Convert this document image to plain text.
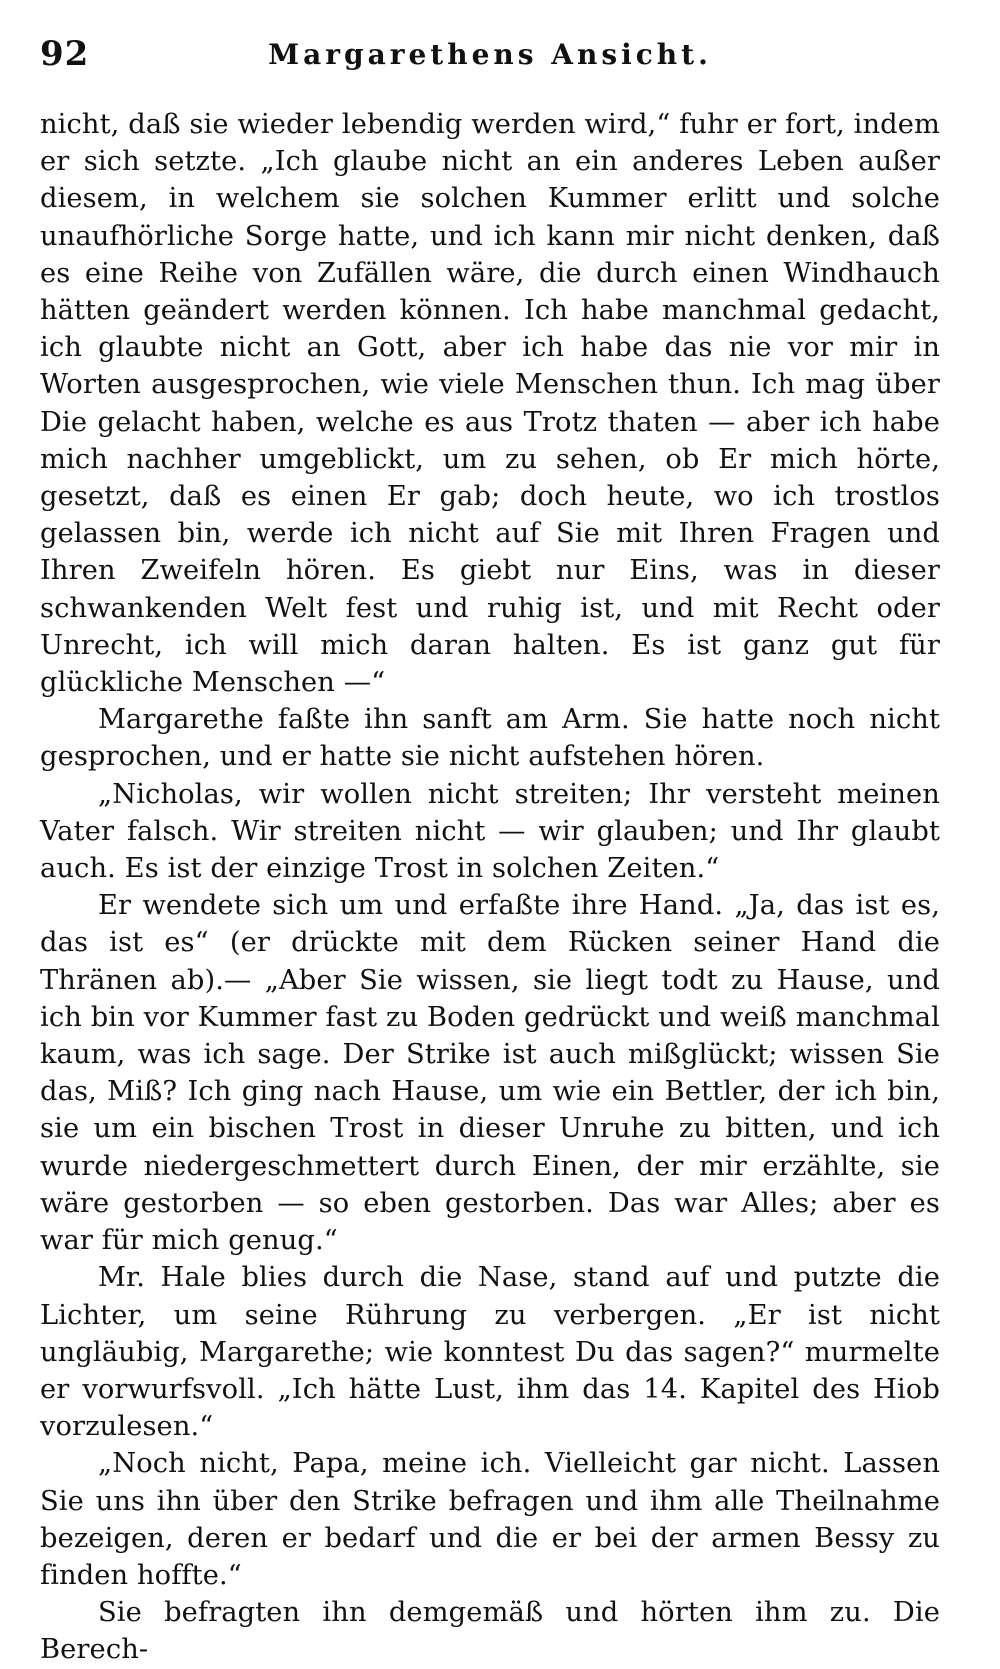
92	Margarethens Ansicht.

nicht, daß sie wieder lebendig werden wird,“ fuhr er fort, indem er sich setzte. „Ich glaube nicht an ein anderes Leben außer diesem, in welchem sie solchen Kummer erlitt und solche unaufhörliche Sorge hatte, und ich kann mir nicht denken, daß es eine Reihe von Zufällen wäre, die durch einen Windhauch hätten geändert werden können. Ich habe manchmal gedacht, ich glaubte nicht an Gott, aber ich habe das nie vor mir in Worten ausgesprochen, wie viele Menschen thun. Ich mag über Die gelacht haben, welche es aus Trotz thaten — aber ich habe mich nachher umgeblickt, um zu sehen, ob Er mich hörte, gesetzt, daß es einen Er gab; doch heute, wo ich trostlos gelassen bin, werde ich nicht auf Sie mit Ihren Fragen und Ihren Zweifeln hören. Es giebt nur Eins, was in dieser schwankenden Welt fest und ruhig ist, und mit Recht oder Unrecht, ich will mich daran halten. Es ist ganz gut für glückliche Menschen —“

Margarethe faßte ihn sanft am Arm. Sie hatte noch nicht gesprochen, und er hatte sie nicht aufstehen hören.

„Nicholas, wir wollen nicht streiten; Ihr versteht meinen Vater falsch. Wir streiten nicht — wir glauben; und Ihr glaubt auch. Es ist der einzige Trost in solchen Zeiten.“

Er wendete sich um und erfaßte ihre Hand. „Ja, das ist es, das ist es“ (er drückte mit dem Rücken seiner Hand die Thränen ab).— „Aber Sie wissen, sie liegt todt zu Hause, und ich bin vor Kummer fast zu Boden gedrückt und weiß manchmal kaum, was ich sage. Der Strike ist auch mißglückt; wissen Sie das, Miß? Ich ging nach Hause, um wie ein Bettler, der ich bin, sie um ein bischen Trost in dieser Unruhe zu bitten, und ich wurde niedergeschmettert durch Einen, der mir erzählte, sie wäre gestorben — so eben gestorben. Das war Alles; aber es war für mich genug.“

Mr. Hale blies durch die Nase, stand auf und putzte die Lichter, um seine Rührung zu verbergen. „Er ist nicht ungläubig, Margarethe; wie konntest Du das sagen?“ murmelte er vorwurfsvoll. „Ich hätte Lust, ihm das 14. Kapitel des Hiob vorzulesen.“

„Noch nicht, Papa, meine ich. Vielleicht gar nicht. Lassen Sie uns ihn über den Strike befragen und ihm alle Theilnahme bezeigen, deren er bedarf und die er bei der armen Bessy zu finden hoffte.“

Sie befragten ihn demgemäß und hörten ihm zu. Die Berech-
